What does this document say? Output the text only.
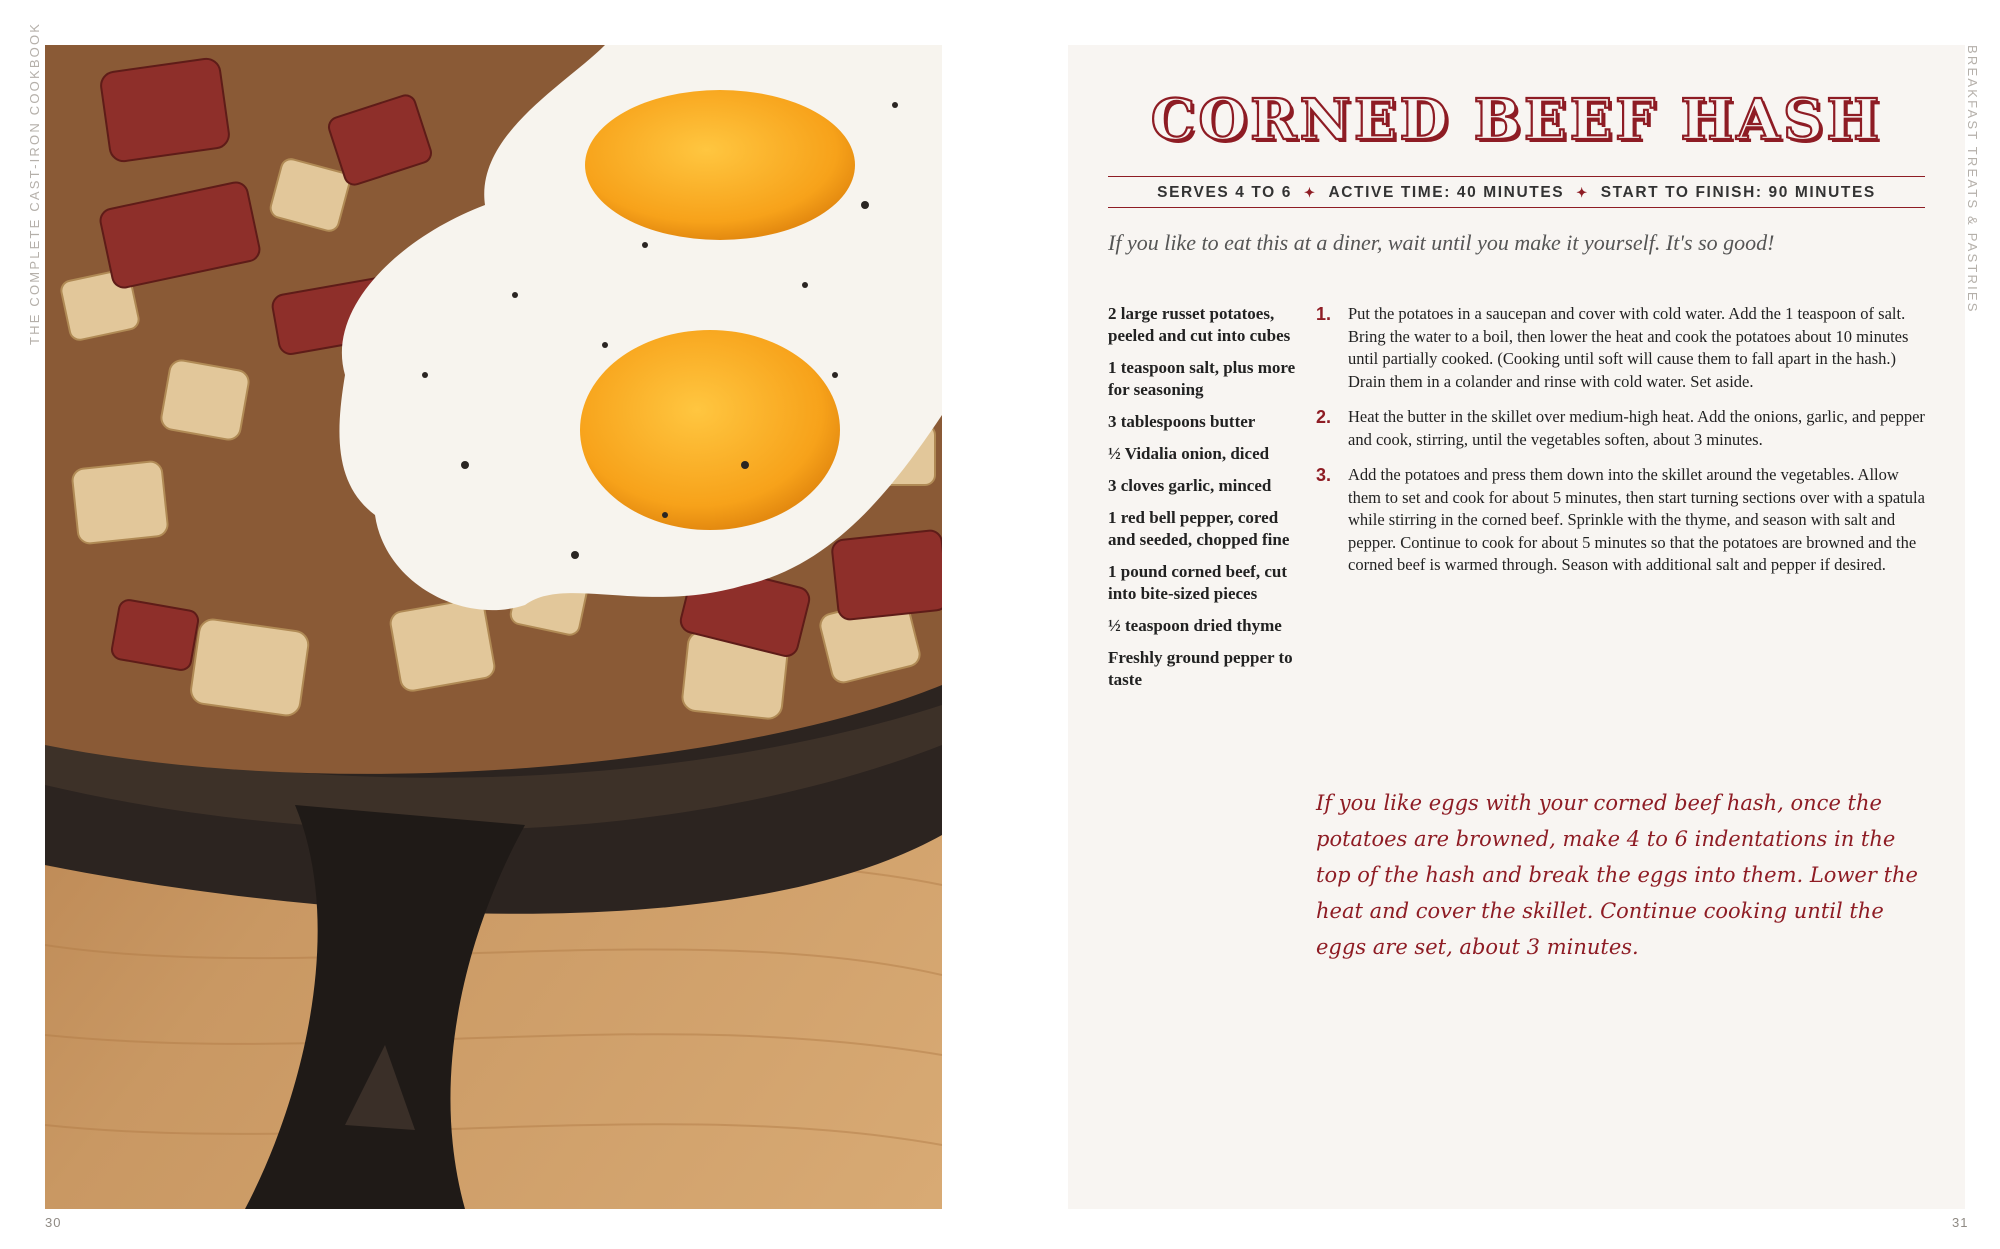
THE COMPLETE CAST-IRON COOKBOOK
30
CORNED BEEF HASH
SERVES 4 TO 6 ✦ ACTIVE TIME: 40 MINUTES ✦ START TO FINISH: 90 MINUTES
If you like to eat this at a diner, wait until you make it yourself. It's so good!
2 large russet potatoes, peeled and cut into cubes
1 teaspoon salt, plus more for seasoning
3 tablespoons butter
½ Vidalia onion, diced
3 cloves garlic, minced
1 red bell pepper, cored and seeded, chopped fine
1 pound corned beef, cut into bite-sized pieces
½ teaspoon dried thyme
Freshly ground pepper to taste
1. Put the potatoes in a saucepan and cover with cold water. Add the 1 teaspoon of salt. Bring the water to a boil, then lower the heat and cook the potatoes about 10 minutes until partially cooked. (Cooking until soft will cause them to fall apart in the hash.) Drain them in a colander and rinse with cold water. Set aside.
2. Heat the butter in the skillet over medium-high heat. Add the onions, garlic, and pepper and cook, stirring, until the vegetables soften, about 3 minutes.
3. Add the potatoes and press them down into the skillet around the vegetables. Allow them to set and cook for about 5 minutes, then start turning sections over with a spatula while stirring in the corned beef. Sprinkle with the thyme, and season with salt and pepper. Continue to cook for about 5 minutes so that the potatoes are browned and the corned beef is warmed through. Season with additional salt and pepper if desired.
If you like eggs with your corned beef hash, once the potatoes are browned, make 4 to 6 indentations in the top of the hash and break the eggs into them. Lower the heat and cover the skillet. Continue cooking until the eggs are set, about 3 minutes.
BREAKFAST TREATS & PASTRIES
31
